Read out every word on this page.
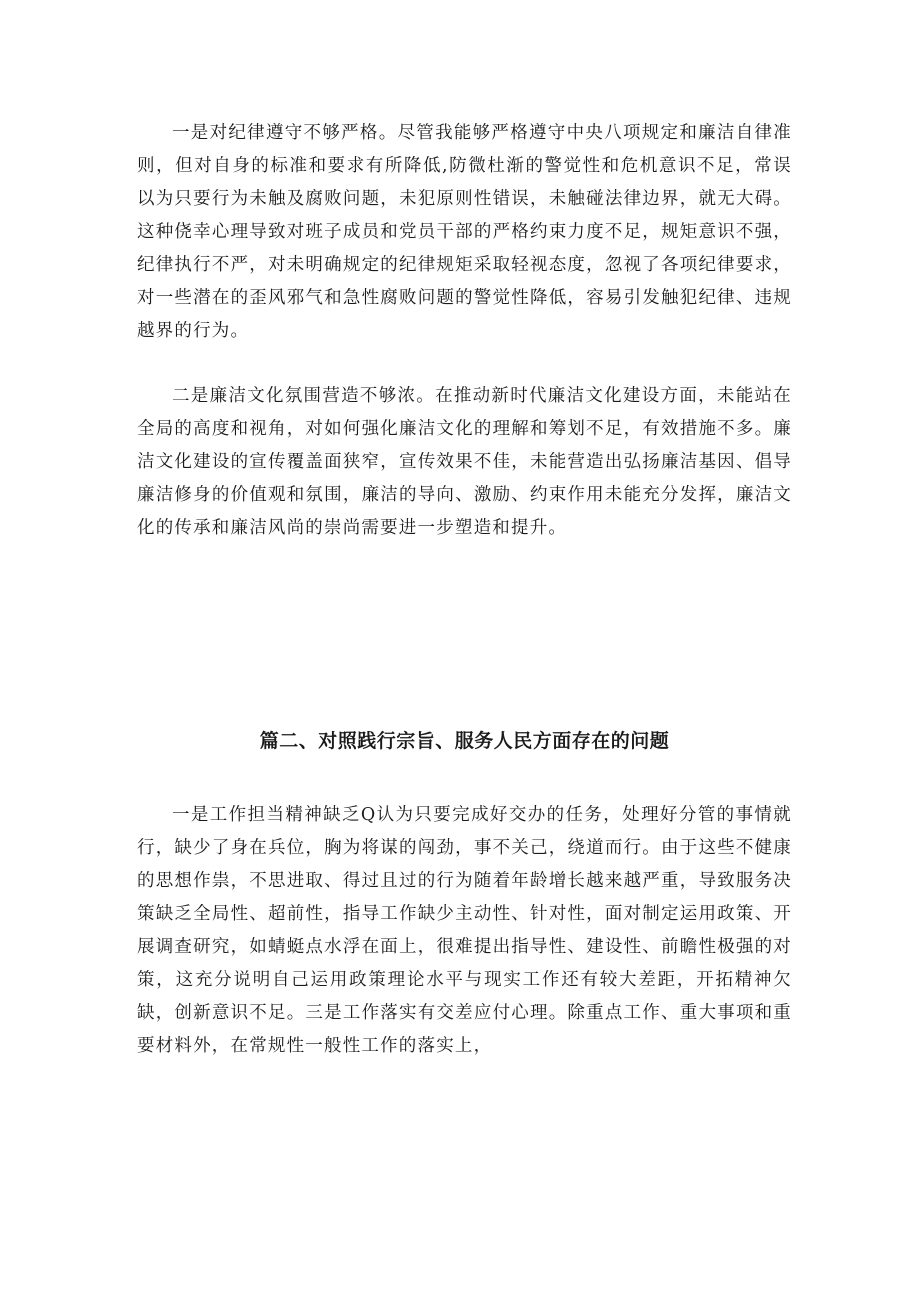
一是对纪律遵守不够严格。尽管我能够严格遵守中央八项规定和廉洁自律准则，但对自身的标准和要求有所降低,防微杜渐的警觉性和危机意识不足，常误以为只要行为未触及腐败问题，未犯原则性错误，未触碰法律边界，就无大碍。这种侥幸心理导致对班子成员和党员干部的严格约束力度不足，规矩意识不强，纪律执行不严，对未明确规定的纪律规矩采取轻视态度，忽视了各项纪律要求，对一些潜在的歪风邪气和急性腐败问题的警觉性降低，容易引发触犯纪律、违规越界的行为。

二是廉洁文化氛围营造不够浓。在推动新时代廉洁文化建设方面，未能站在全局的高度和视角，对如何强化廉洁文化的理解和筹划不足，有效措施不多。廉洁文化建设的宣传覆盖面狭窄，宣传效果不佳，未能营造出弘扬廉洁基因、倡导廉洁修身的价值观和氛围，廉洁的导向、激励、约束作用未能充分发挥，廉洁文化的传承和廉洁风尚的崇尚需要进一步塑造和提升。

篇二、对照践行宗旨、服务人民方面存在的问题

一是工作担当精神缺乏Q认为只要完成好交办的任务，处理好分管的事情就行，缺少了身在兵位，胸为将谋的闯劲，事不关己，绕道而行。由于这些不健康的思想作祟，不思进取、得过且过的行为随着年龄增长越来越严重，导致服务决策缺乏全局性、超前性，指导工作缺少主动性、针对性，面对制定运用政策、开展调查研究，如蜻蜓点水浮在面上，很难提出指导性、建设性、前瞻性极强的对策，这充分说明自己运用政策理论水平与现实工作还有较大差距，开拓精神欠缺，创新意识不足。三是工作落实有交差应付心理。除重点工作、重大事项和重要材料外，在常规性一般性工作的落实上，
